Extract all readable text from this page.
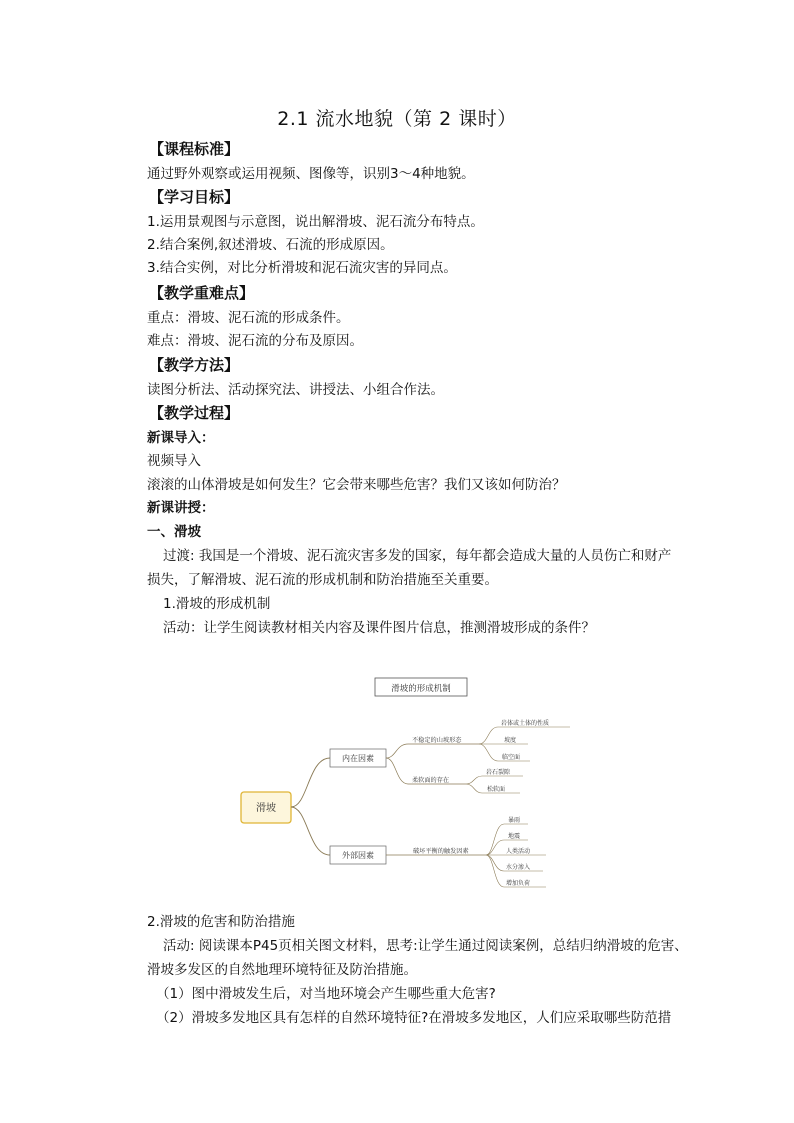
2.1 流水地貌（第 2 课时）
【课程标准】
通过野外观察或运用视频、图像等，识别3～4种地貌。
【学习目标】
1.运用景观图与示意图，说出解滑坡、泥石流分布特点。
2.结合案例,叙述滑坡、石流的形成原因。
3.结合实例，对比分析滑坡和泥石流灾害的异同点。
【教学重难点】
重点：滑坡、泥石流的形成条件。
难点：滑坡、泥石流的分布及原因。
【教学方法】
读图分析法、活动探究法、讲授法、小组合作法。
【教学过程】
新课导入：
视频导入
滚滚的山体滑坡是如何发生？它会带来哪些危害？我们又该如何防治？
新课讲授：
一、滑坡
过渡: 我国是一个滑坡、泥石流灾害多发的国家，每年都会造成大量的人员伤亡和财产
损失，了解滑坡、泥石流的形成机制和防治措施至关重要。
1.滑坡的形成机制
活动：让学生阅读教材相关内容及课件图片信息，推测滑坡形成的条件？
滑坡的形成机制
滑坡
内在因素
外部因素
不稳定的山坡形态
柔软面的存在
岩体或土体的性质
坡度
临空面
岩石裂隙
松软面
破坏平衡的触发因素
暴雨
地震
人类活动
水分渗入
增加负荷
2.滑坡的危害和防治措施
活动: 阅读课本P45页相关图文材料，思考:让学生通过阅读案例，总结归纳滑坡的危害、
滑坡多发区的自然地理环境特征及防治措施。
（1）图中滑坡发生后，对当地环境会产生哪些重大危害?
（2）滑坡多发地区具有怎样的自然环境特征?在滑坡多发地区，人们应采取哪些防范措
